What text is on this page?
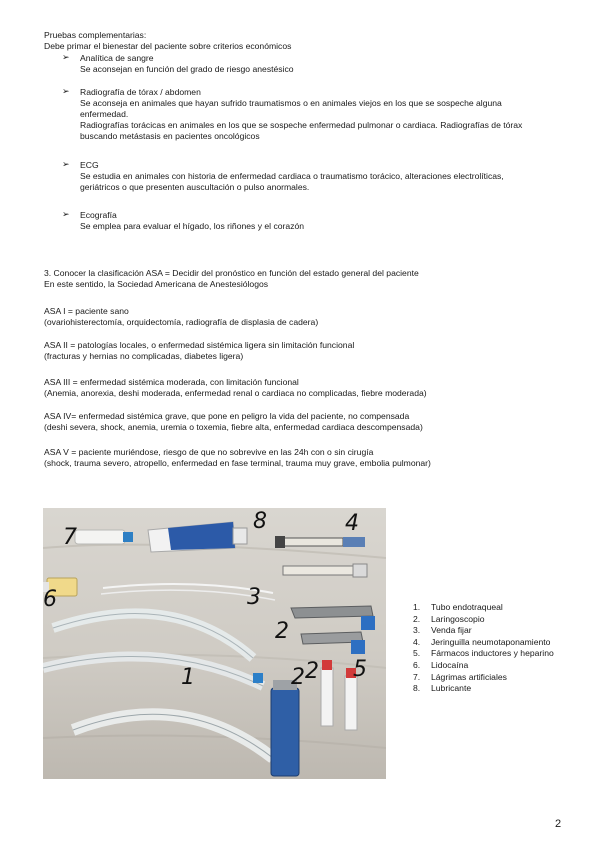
Pruebas complementarias:
Debe primar el bienestar del paciente sobre criterios económicos
➢ Analítica de sangre
Se aconsejan en función del grado de riesgo anestésico
➢ Radiografía de tórax / abdomen
Se aconseja en animales que hayan sufrido traumatismos o en animales viejos en los que se sospeche alguna enfermedad.
Radiografías torácicas en animales en los que se sospeche enfermedad pulmonar o cardiaca. Radiografías de tórax buscando metástasis en pacientes oncológicos
➢ ECG
Se estudia en animales con historia de enfermedad cardiaca o traumatismo torácico, alteraciones electrolíticas, geriátricos o que presenten auscultación o pulso anormales.
➢ Ecografía
Se emplea para evaluar el hígado, los riñones y el corazón
3. Conocer la clasificación ASA = Decidir del pronóstico en función del estado general del paciente
En este sentido, la Sociedad Americana de Anestesiólogos
ASA I = paciente sano
(ovariohisterectomía, orquidectomía, radiografía de displasia de cadera)
ASA II = patologías locales, o enfermedad sistémica ligera sin limitación funcional
(fracturas y hernias no complicadas, diabetes ligera)
ASA III = enfermedad sistémica moderada, con limitación funcional
(Anemia, anorexia, deshi moderada, enfermedad renal o cardiaca no complicadas, fiebre moderada)
ASA IV= enfermedad sistémica grave, que pone en peligro la vida del paciente, no compensada
(deshi severa, shock, anemia, uremia o toxemia, fiebre alta, enfermedad cardiaca descompensada)
ASA V = paciente muriéndose, riesgo de que no sobrevive en las 24h con o sin cirugía
(shock, trauma severo, atropello, enfermedad en fase terminal, trauma muy grave, embolia pulmonar)
7
8	4
6	3
2
2
1	2 5
1. Tubo endotraqueal
2. Laringoscopio
3. Venda fijar
4. Jeringuilla neumotaponamiento
5. Fármacos inductores y heparino
6. Lidocaína
7. Lágrimas artificiales
8. Lubricante
2
